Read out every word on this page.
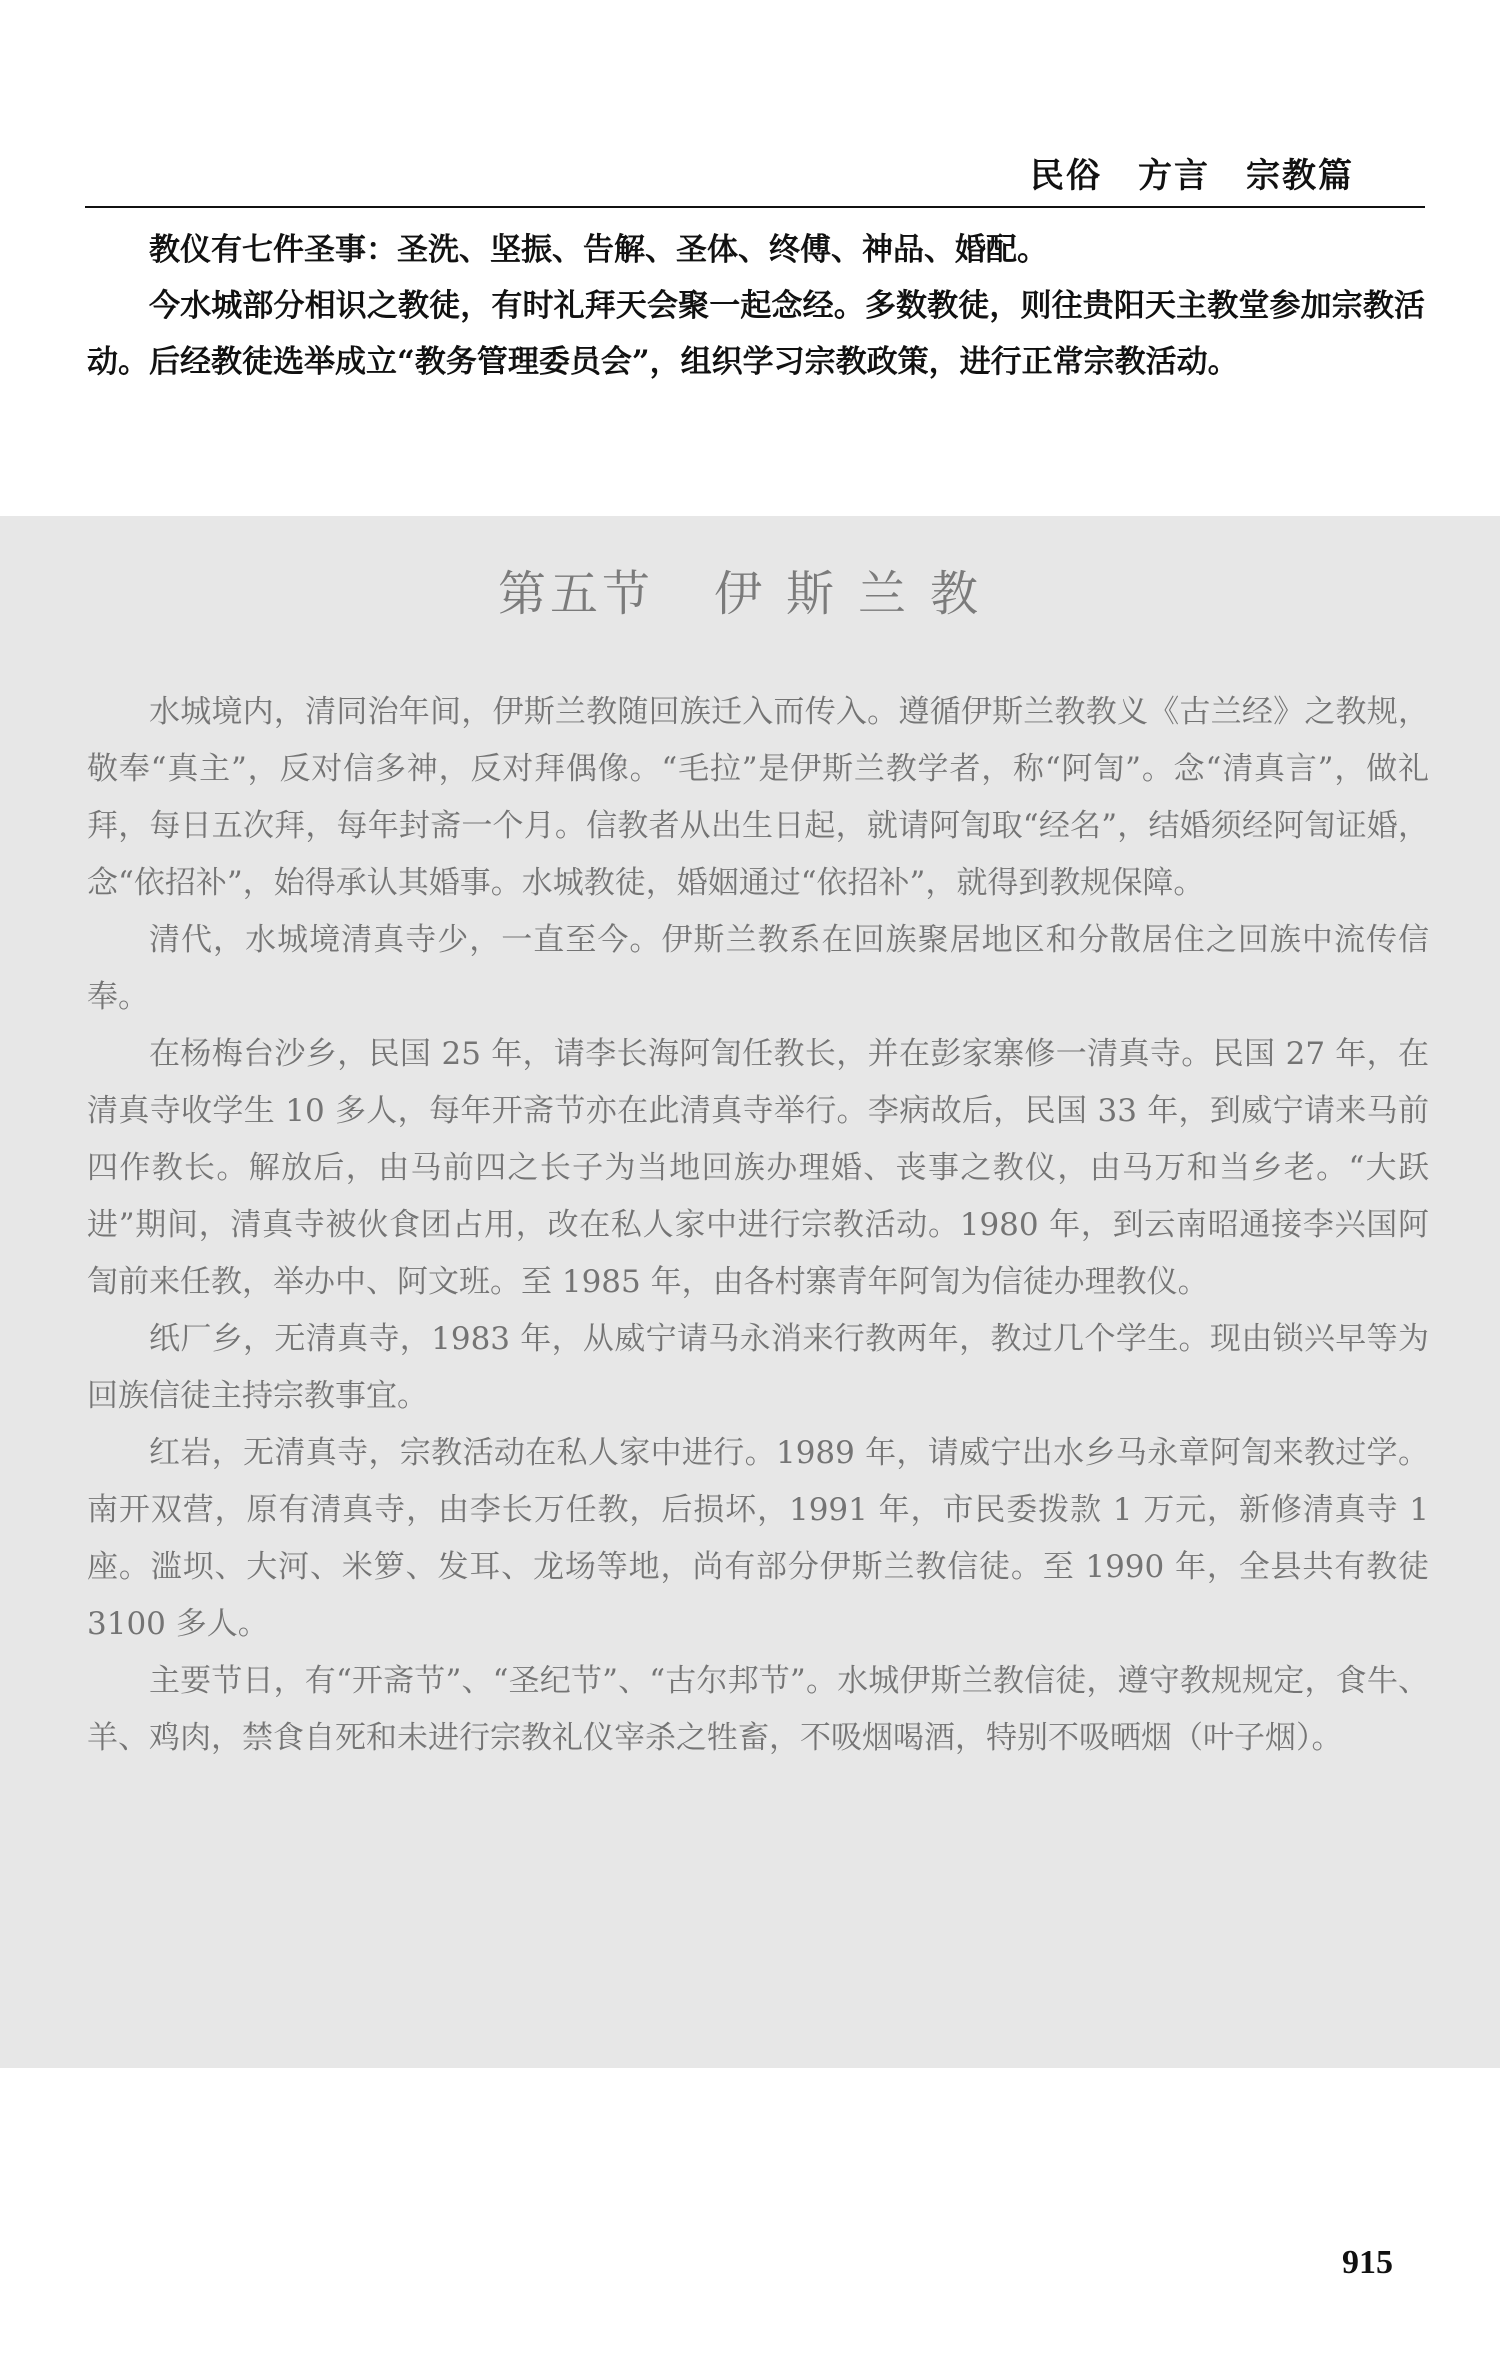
民俗　方言　宗教篇

教仪有七件圣事：圣洗、坚振、告解、圣体、终傅、神品、婚配。

今水城部分相识之教徒，有时礼拜天会聚一起念经。多数教徒，则往贵阳天主教堂参加宗教活动。后经教徒选举成立“教务管理委员会”，组织学习宗教政策，进行正常宗教活动。

第五节 伊斯兰教

水城境内，清同治年间，伊斯兰教随回族迁入而传入。遵循伊斯兰教教义《古兰经》之教规，敬奉“真主”，反对信多神，反对拜偶像。“毛拉”是伊斯兰教学者，称“阿訇”。念“清真言”，做礼拜，每日五次拜，每年封斋一个月。信教者从出生日起，就请阿訇取“经名”，结婚须经阿訇证婚，念“依招补”，始得承认其婚事。水城教徒，婚姻通过“依招补”，就得到教规保障。

清代，水城境清真寺少，一直至今。伊斯兰教系在回族聚居地区和分散居住之回族中流传信奉。

在杨梅台沙乡，民国 25 年，请李长海阿訇任教长，并在彭家寨修一清真寺。民国 27 年，在清真寺收学生 10 多人，每年开斋节亦在此清真寺举行。李病故后，民国 33 年，到威宁请来马前四作教长。解放后，由马前四之长子为当地回族办理婚、丧事之教仪，由马万和当乡老。“大跃进”期间，清真寺被伙食团占用，改在私人家中进行宗教活动。1980 年，到云南昭通接李兴国阿訇前来任教，举办中、阿文班。至 1985 年，由各村寨青年阿訇为信徒办理教仪。

纸厂乡，无清真寺，1983 年，从威宁请马永消来行教两年，教过几个学生。现由锁兴早等为回族信徒主持宗教事宜。

红岩，无清真寺，宗教活动在私人家中进行。1989 年，请威宁出水乡马永章阿訇来教过学。南开双营，原有清真寺，由李长万任教，后损坏，1991 年，市民委拨款 1 万元，新修清真寺 1 座。滥坝、大河、米箩、发耳、龙场等地，尚有部分伊斯兰教信徒。至 1990 年，全县共有教徒 3100 多人。

主要节日，有“开斋节”、“圣纪节”、“古尔邦节”。水城伊斯兰教信徒，遵守教规规定，食牛、羊、鸡肉，禁食自死和未进行宗教礼仪宰杀之牲畜，不吸烟喝酒，特别不吸晒烟（叶子烟）。

915
